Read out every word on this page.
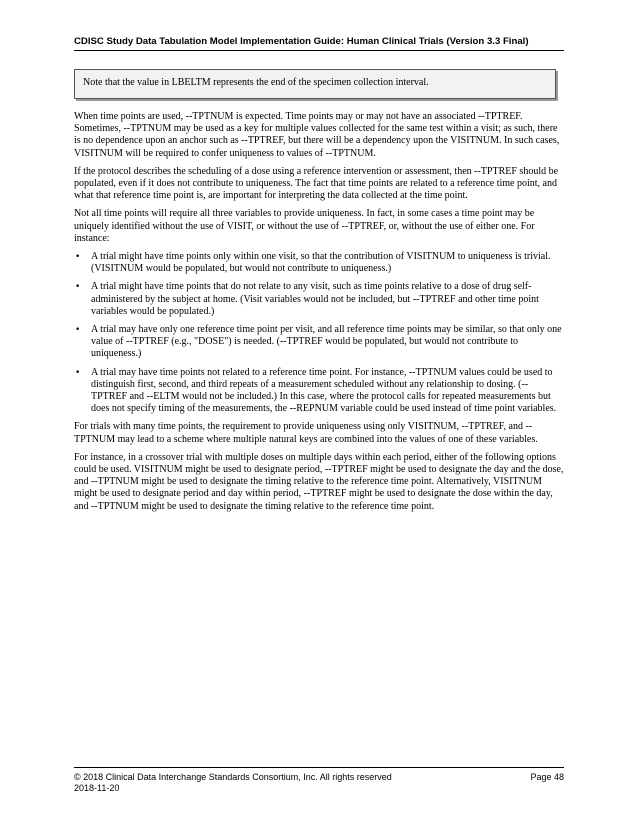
CDISC Study Data Tabulation Model Implementation Guide: Human Clinical Trials (Version 3.3 Final)
Note that the value in LBELTM represents the end of the specimen collection interval.

When time points are used, --TPTNUM is expected. Time points may or may not have an associated --TPTREF. Sometimes, --TPTNUM may be used as a key for multiple values collected for the same test within a visit; as such, there is no dependence upon an anchor such as --TPTREF, but there will be a dependency upon the VISITNUM. In such cases, VISITNUM will be required to confer uniqueness to values of --TPTNUM.

If the protocol describes the scheduling of a dose using a reference intervention or assessment, then --TPTREF should be populated, even if it does not contribute to uniqueness. The fact that time points are related to a reference time point, and what that reference time point is, are important for interpreting the data collected at the time point.

Not all time points will require all three variables to provide uniqueness. In fact, in some cases a time point may be uniquely identified without the use of VISIT, or without the use of --TPTREF, or, without the use of either one. For instance:

• A trial might have time points only within one visit, so that the contribution of VISITNUM to uniqueness is trivial. (VISITNUM would be populated, but would not contribute to uniqueness.)
• A trial might have time points that do not relate to any visit, such as time points relative to a dose of drug self-administered by the subject at home. (Visit variables would not be included, but --TPTREF and other time point variables would be populated.)
• A trial may have only one reference time point per visit, and all reference time points may be similar, so that only one value of --TPTREF (e.g., "DOSE") is needed. (--TPTREF would be populated, but would not contribute to uniqueness.)
• A trial may have time points not related to a reference time point. For instance, --TPTNUM values could be used to distinguish first, second, and third repeats of a measurement scheduled without any relationship to dosing. (--TPTREF and --ELTM would not be included.) In this case, where the protocol calls for repeated measurements but does not specify timing of the measurements, the --REPNUM variable could be used instead of time point variables.

For trials with many time points, the requirement to provide uniqueness using only VISITNUM, --TPTREF, and --TPTNUM may lead to a scheme where multiple natural keys are combined into the values of one of these variables.

For instance, in a crossover trial with multiple doses on multiple days within each period, either of the following options could be used. VISITNUM might be used to designate period, --TPTREF might be used to designate the day and the dose, and --TPTNUM might be used to designate the timing relative to the reference time point. Alternatively, VISITNUM might be used to designate period and day within period, --TPTREF might be used to designate the dose within the day, and --TPTNUM might be used to designate the timing relative to the reference time point.

© 2018 Clinical Data Interchange Standards Consortium, Inc. All rights reserved
2018-11-20
Page 48
